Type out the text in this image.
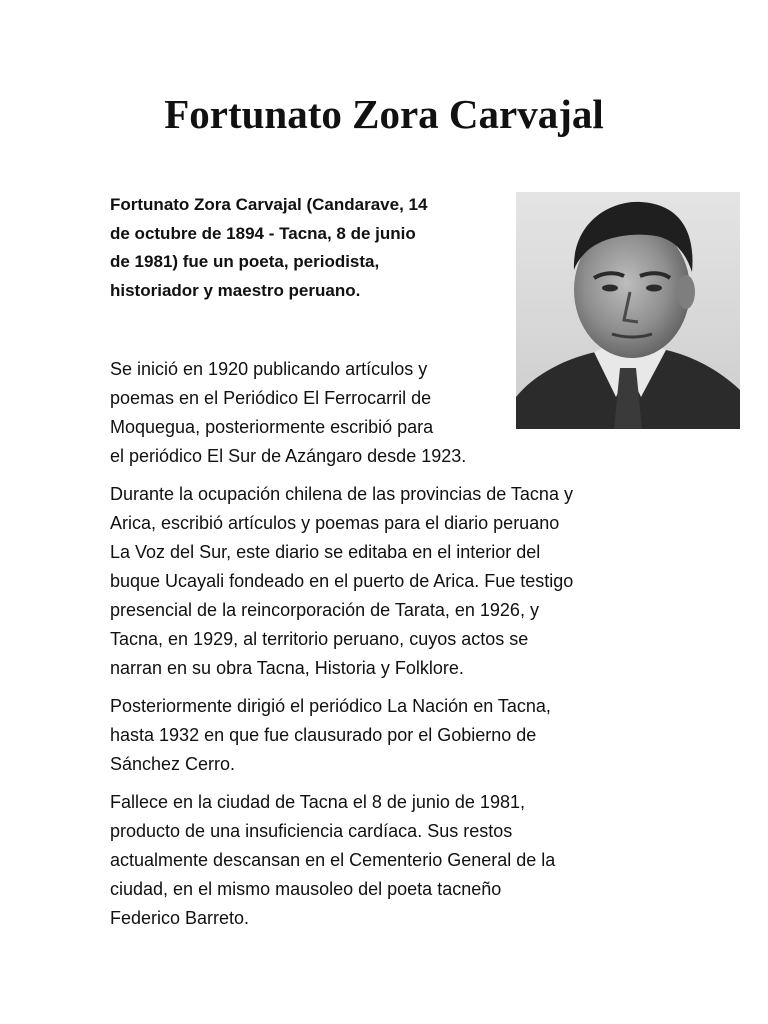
Fortunato Zora Carvajal

Fortunato Zora Carvajal (Candarave, 14
de octubre de 1894 - Tacna, 8 de junio
de 1981) fue un poeta, periodista,
historiador y maestro peruano.

Se inició en 1920 publicando artículos y
poemas en el Periódico El Ferrocarril de
Moquegua, posteriormente escribió para
el periódico El Sur de Azángaro desde 1923.

Durante la ocupación chilena de las provincias de Tacna y
Arica, escribió artículos y poemas para el diario peruano
La Voz del Sur, este diario se editaba en el interior del
buque Ucayali fondeado en el puerto de Arica. Fue testigo
presencial de la reincorporación de Tarata, en 1926, y
Tacna, en 1929, al territorio peruano, cuyos actos se
narran en su obra Tacna, Historia y Folklore.

Posteriormente dirigió el periódico La Nación en Tacna,
hasta 1932 en que fue clausurado por el Gobierno de
Sánchez Cerro.

Fallece en la ciudad de Tacna el 8 de junio de 1981,
producto de una insuficiencia cardíaca. Sus restos
actualmente descansan en el Cementerio General de la
ciudad, en el mismo mausoleo del poeta tacneño
Federico Barreto.
